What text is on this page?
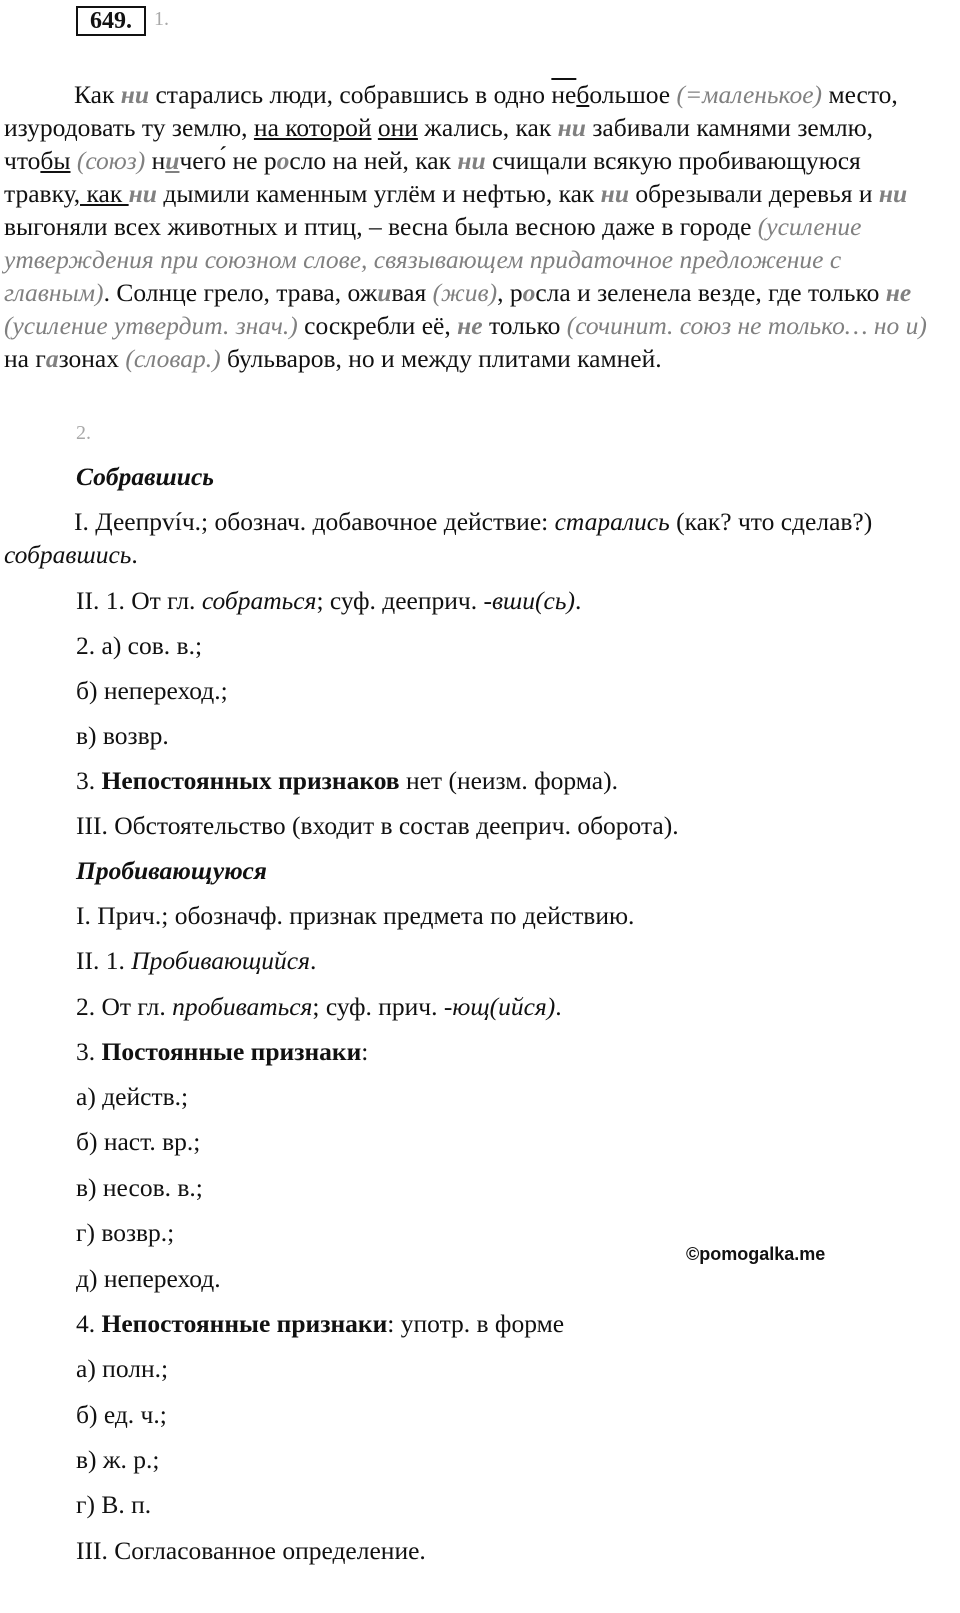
649.	1.

Как ни старались люди, собравшись в одно небольшое (=маленькое) место, изуродовать ту землю, на которой они жались, как ни забивали камнями землю, чтобы (союз) ничего́ не росло на ней, как ни счищали всякую пробивающуюся травку, как ни дымили каменным углём и нефтью, как ни обрезывали деревья и ни выгоняли всех животных и птиц, – весна была весною даже в городе (усиление утверждения при союзном слове, связывающем придаточное предложение с главным). Солнце грело, трава, оживая (жив), росла и зеленела везде, где только не (усиление утвердит. знач.) соскребли её, не только (сочинит. союз не только… но и) на газонах (словар.) бульваров, но и между плитами камней.

2.

Собравшись

I. Деепрvíч.; обознач. добавочное действие: старались (как? что сделав?) собравшись.

II. 1. От гл. собраться; суф. дееприч. -вши(сь).

2. а) сов. в.;

б) непереход.;

в) возвр.

3. Непостоянных признаков нет (неизм. форма).

III. Обстоятельство (входит в состав дееприч. оборота).

Пробивающуюся

I. Прич.; обозначф. признак предмета по действию.

II. 1. Пробивающийся.

2. От гл. пробиваться; суф. прич. -ющ(ийся).

3. Постоянные признаки:

а) действ.;

б) наст. вр.;

в) несов. в.;

г) возвр.;

д) непереход.

4. Непостоянные признаки: употр. в форме

а) полн.;

б) ед. ч.;

в) ж. р.;

г) В. п.

III. Согласованное определение.

©pomogalka.me
